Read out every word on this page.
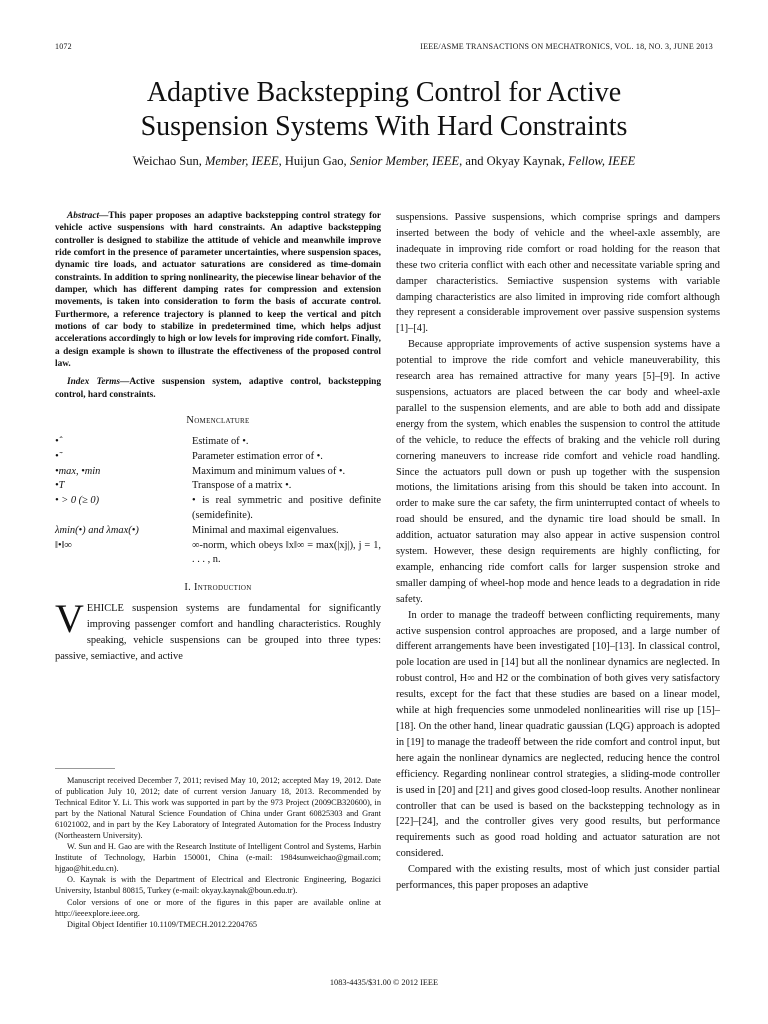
1072	IEEE/ASME TRANSACTIONS ON MECHATRONICS, VOL. 18, NO. 3, JUNE 2013
Adaptive Backstepping Control for Active
Suspension Systems With Hard Constraints
Weichao Sun, Member, IEEE, Huijun Gao, Senior Member, IEEE, and Okyay Kaynak, Fellow, IEEE

Abstract—This paper proposes an adaptive backstepping control strategy for vehicle active suspensions with hard constraints. An adaptive backstepping controller is designed to stabilize the attitude of vehicle and meanwhile improve ride comfort in the presence of parameter uncertainties, where suspension spaces, dynamic tire loads, and actuator saturations are considered as time-domain constraints. In addition to spring nonlinearity, the piecewise linear behavior of the damper, which has different damping rates for compression and extension movements, is taken into consideration to form the basis of accurate control. Furthermore, a reference trajectory is planned to keep the vertical and pitch motions of car body to stabilize in predetermined time, which helps adjust accelerations accordingly to high or low levels for improving ride comfort. Finally, a design example is shown to illustrate the effectiveness of the proposed control law.

Index Terms—Active suspension system, adaptive control, backstepping control, hard constraints.

Nomenclature
•̂	Estimate of •.
•̃	Parameter estimation error of •.
•max, •min	Maximum and minimum values of •.
•T	Transpose of a matrix •.
• > 0 (≥ 0)	• is real symmetric and positive definite (semidefinite).
λmin(•) and λmax(•)	Minimal and maximal eigenvalues.
‖•‖∞	∞-norm, which obeys ‖x‖∞ = max(|xj|), j = 1, . . . , n.
I. Introduction

VEHICLE suspension systems are fundamental for significantly improving passenger comfort and handling characteristics. Roughly speaking, vehicle suspensions can be grouped into three types: passive, semiactive, and active

Manuscript received December 7, 2011; revised May 10, 2012; accepted May 19, 2012. Date of publication July 10, 2012; date of current version January 18, 2013. Recommended by Technical Editor Y. Li. This work was supported in part by the 973 Project (2009CB320600), in part by the National Natural Science Foundation of China under Grant 60825303 and Grant 61021002, and in part by the Key Laboratory of Integrated Automation for the Process Industry (Northeastern University).

W. Sun and H. Gao are with the Research Institute of Intelligent Control and Systems, Harbin Institute of Technology, Harbin 150001, China (e-mail: 1984sunweichao@gmail.com; hjgao@hit.edu.cn).

O. Kaynak is with the Department of Electrical and Electronic Engineering, Bogazici University, Istanbul 80815, Turkey (e-mail: okyay.kaynak@boun.edu.tr).

Color versions of one or more of the figures in this paper are available online at http://ieeexplore.ieee.org.

Digital Object Identifier 10.1109/TMECH.2012.2204765

suspensions. Passive suspensions, which comprise springs and dampers inserted between the body of vehicle and the wheel-axle assembly, are inadequate in improving ride comfort or road holding for the reason that these two criteria conflict with each other and necessitate variable spring and damper characteristics. Semiactive suspension systems with variable damping characteristics are also limited in improving ride comfort although they represent a considerable improvement over passive suspension systems [1]–[4].

Because appropriate improvements of active suspension systems have a potential to improve the ride comfort and vehicle maneuverability, this research area has remained attractive for many years [5]–[9]. In active suspensions, actuators are placed between the car body and wheel-axle parallel to the suspension elements, and are able to both add and dissipate energy from the system, which enables the suspension to control the attitude of the vehicle, to reduce the effects of braking and the vehicle roll during cornering maneuvers to increase ride comfort and vehicle road handling. Since the actuators pull down or push up together with the suspension motions, the limitations arising from this should be taken into account. In order to make sure the car safety, the firm uninterrupted contact of wheels to road should be ensured, and the dynamic tire load should be small. In addition, actuator saturation may also appear in active suspension control system. However, these design requirements are highly conflicting, for example, enhancing ride comfort calls for larger suspension stroke and smaller damping of wheel-hop mode and hence leads to a degradation in ride safety.

In order to manage the tradeoff between conflicting requirements, many active suspension control approaches are proposed, and a large number of different arrangements have been investigated [10]–[13]. In classical control, pole location are used in [14] but all the nonlinear dynamics are neglected. In robust control, H∞ and H2 or the combination of both gives very satisfactory results, except for the fact that these studies are based on a linear model, while at high frequencies some unmodeled nonlinearities will rise up [15]–[18]. On the other hand, linear quadratic gaussian (LQG) approach is adopted in [19] to manage the tradeoff between the ride comfort and control input, but here again the nonlinear dynamics are neglected, reducing hence the control efficiency. Regarding nonlinear control strategies, a sliding-mode controller is used in [20] and [21] and gives good closed-loop results. Another nonlinear controller that can be used is based on the backstepping technology as in [22]–[24], and the controller gives very good results, but performance requirements such as good road holding and actuator saturation are not considered.

Compared with the existing results, most of which just consider partial performances, this paper proposes an adaptive

1083-4435/$31.00 © 2012 IEEE
